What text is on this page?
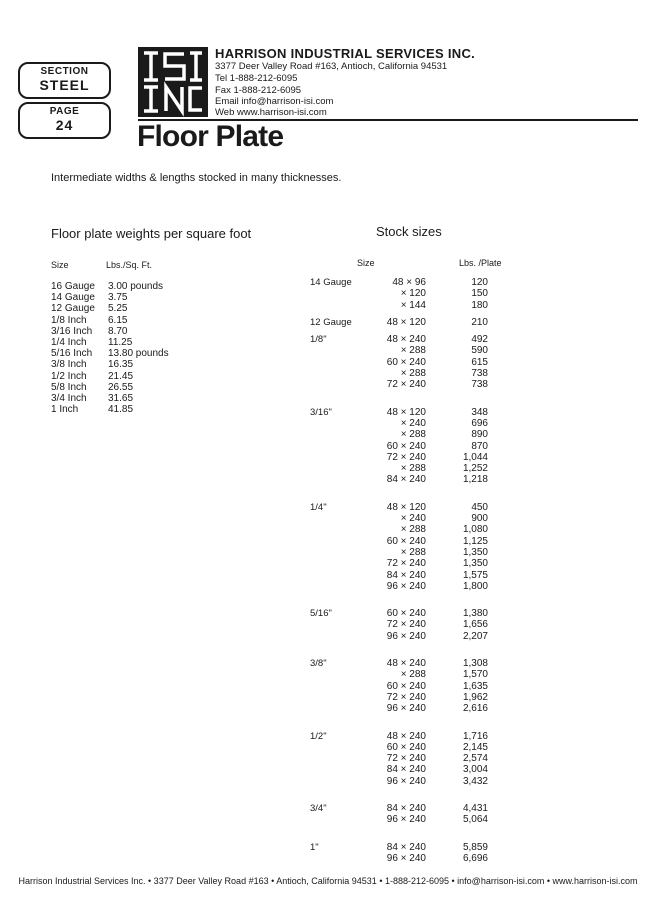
SECTION
STEEL
PAGE
24
HARRISON INDUSTRIAL SERVICES INC.
3377 Deer Valley Road #163, Antioch, California 94531
Tel 1-888-212-6095
Fax 1-888-212-6095
Email info@harrison-isi.com
Web www.harrison-isi.com
Floor Plate
Intermediate widths & lengths stocked in many thicknesses.
Floor plate weights per square foot
Size	Lbs./Sq. Ft.
16 Gauge	3.00 pounds
14 Gauge	3.75
12 Gauge	5.25
1/8 Inch	6.15
3/16 Inch	8.70
1/4 Inch	11.25
5/16 Inch	13.80 pounds
3/8 Inch	16.35
1/2 Inch	21.45
5/8 Inch	26.55
3/4 Inch	31.65
1 Inch	41.85
Stock sizes
Size	Lbs. /Plate
14 Gauge	48 × 96	120
× 120	150
× 144	180
12 Gauge	48 × 120	210
1/8"	48 × 240	492
× 288	590
60 × 240	615
× 288	738
72 × 240	738
3/16"	48 × 120	348
× 240	696
× 288	890
60 × 240	870
72 × 240	1,044
× 288	1,252
84 × 240	1,218
1/4"	48 × 120	450
× 240	900
× 288	1,080
60 × 240	1,125
× 288	1,350
72 × 240	1,350
84 × 240	1,575
96 × 240	1,800
5/16"	60 × 240	1,380
72 × 240	1,656
96 × 240	2,207
3/8"	48 × 240	1,308
× 288	1,570
60 × 240	1,635
72 × 240	1,962
96 × 240	2,616
1/2"	48 × 240	1,716
60 × 240	2,145
72 × 240	2,574
84 × 240	3,004
96 × 240	3,432
3/4"	84 × 240	4,431
96 × 240	5,064
1"	84 × 240	5,859
96 × 240	6,696
Harrison Industrial Services Inc. • 3377 Deer Valley Road #163 • Antioch, California 94531 • 1-888-212-6095 • info@harrison-isi.com • www.harrison-isi.com
